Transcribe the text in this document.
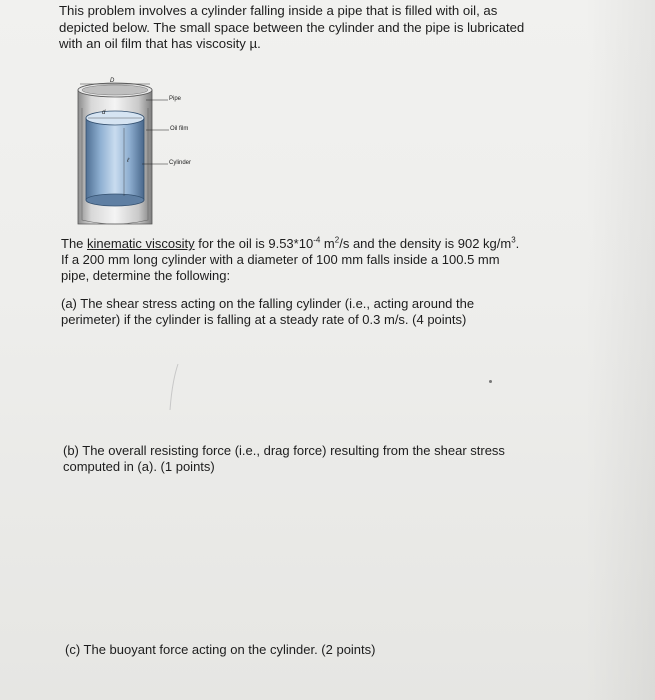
This problem involves a cylinder falling inside a pipe that is filled with oil, as
depicted below. The small space between the cylinder and the pipe is lubricated
with an oil film that has viscosity µ.
Pipe
Oil film
Cylinder
D
d
ℓ
The kinematic viscosity for the oil is $9.53*10^{-4}$ $m^2/s$ and the density is 902 $kg/m^3$.
If a 200 mm long cylinder with a diameter of 100 mm falls inside a 100.5 mm
pipe, determine the following:
(a) The shear stress acting on the falling cylinder (i.e., acting around the
perimeter) if the cylinder is falling at a steady rate of 0.3 m/s. (4 points)
(b) The overall resisting force (i.e., drag force) resulting from the shear stress
computed in (a). (1 points)
(c) The buoyant force acting on the cylinder. (2 points)
